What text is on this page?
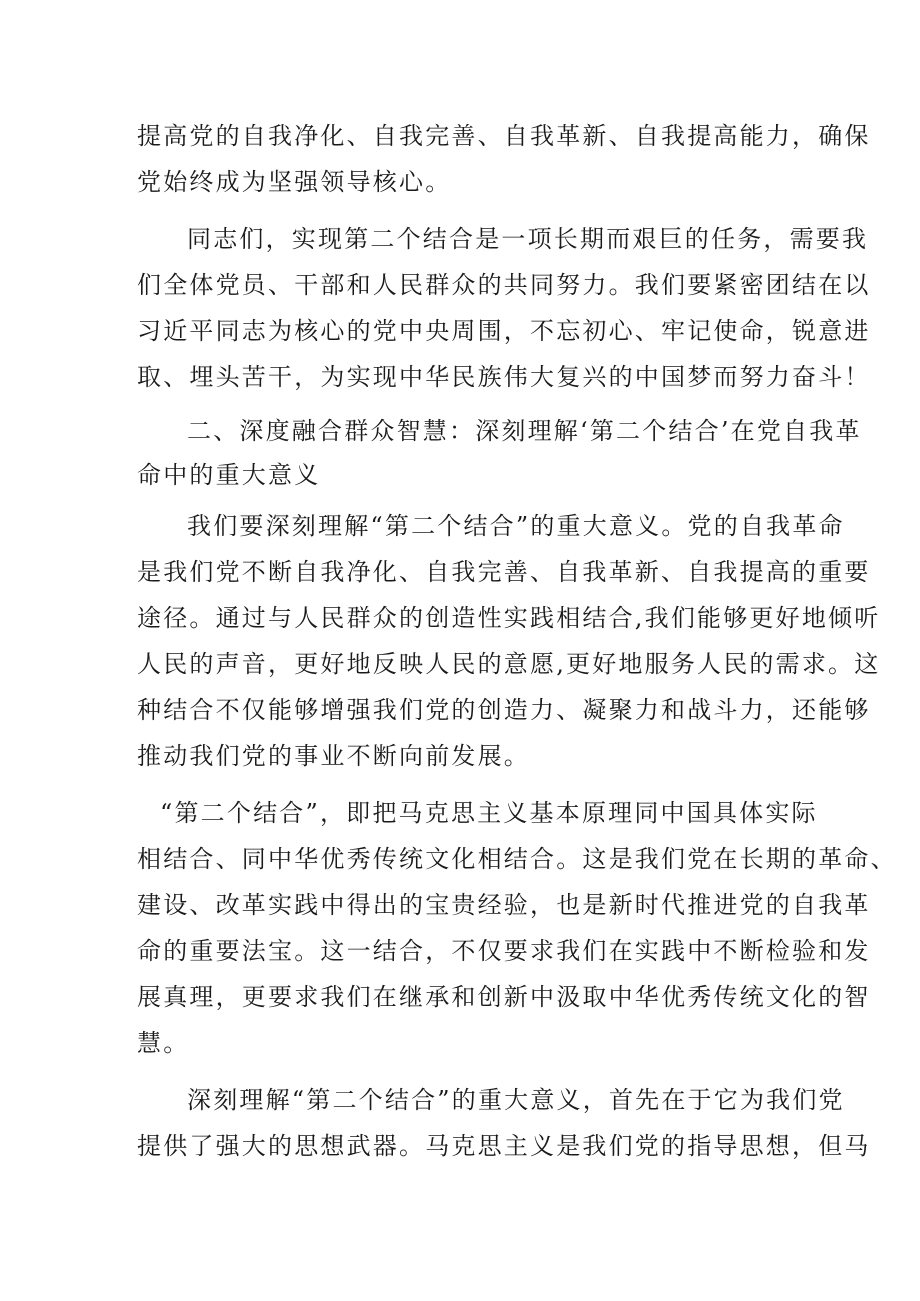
提高党的自我净化、自我完善、自我革新、自我提高能力，确保
党始终成为坚强领导核心。
同志们，实现第二个结合是一项长期而艰巨的任务，需要我
们全体党员、干部和人民群众的共同努力。我们要紧密团结在以
习近平同志为核心的党中央周围，不忘初心、牢记使命，锐意进
取、埋头苦干，为实现中华民族伟大复兴的中国梦而努力奋斗！
二、深度融合群众智慧：深刻理解‘第二个结合’在党自我革
命中的重大意义
我们要深刻理解“第二个结合”的重大意义。党的自我革命
是我们党不断自我净化、自我完善、自我革新、自我提高的重要
途径。通过与人民群众的创造性实践相结合,我们能够更好地倾听
人民的声音，更好地反映人民的意愿,更好地服务人民的需求。这
种结合不仅能够增强我们党的创造力、凝聚力和战斗力，还能够
推动我们党的事业不断向前发展。
“第二个结合”，即把马克思主义基本原理同中国具体实际
相结合、同中华优秀传统文化相结合。这是我们党在长期的革命、
建设、改革实践中得出的宝贵经验，也是新时代推进党的自我革
命的重要法宝。这一结合，不仅要求我们在实践中不断检验和发
展真理，更要求我们在继承和创新中汲取中华优秀传统文化的智
慧。
深刻理解“第二个结合”的重大意义，首先在于它为我们党
提供了强大的思想武器。马克思主义是我们党的指导思想，但马
